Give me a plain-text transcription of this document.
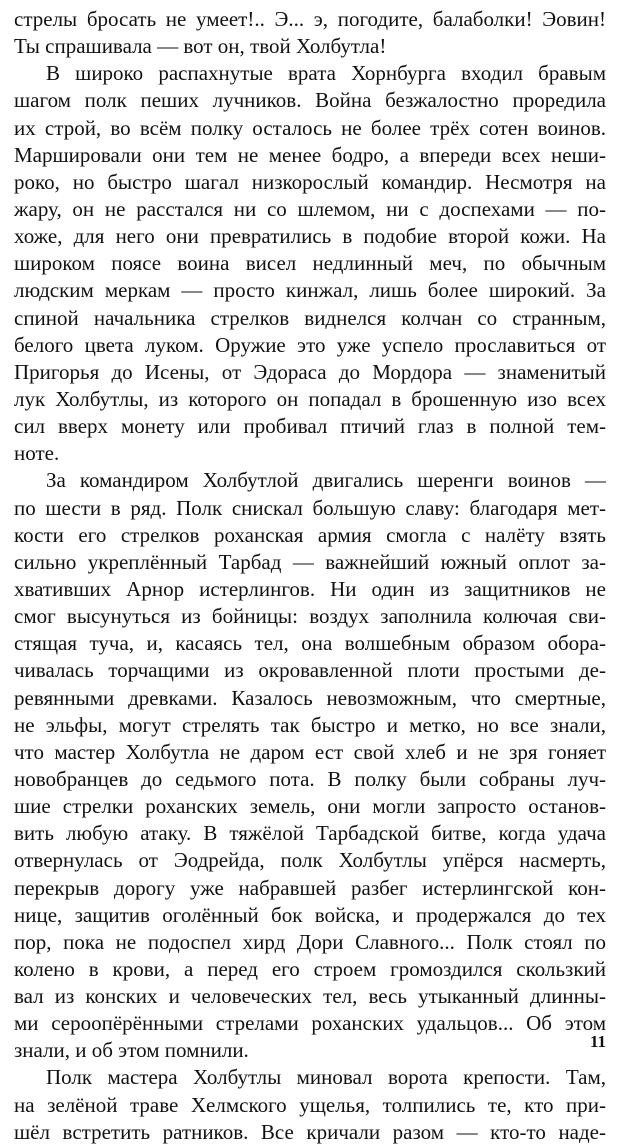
стрелы бросать не умеет!.. Э... э, погодите, балаболки! Эовин!
Ты спрашивала — вот он, твой Холбутла!
В широко распахнутые врата Хорнбурга входил бравым
шагом полк пеших лучников. Война безжалостно проредила
их строй, во всём полку осталось не более трёх сотен воинов.
Маршировали они тем не менее бодро, а впереди всех неши-
роко, но быстро шагал низкорослый командир. Несмотря на
жару, он не расстался ни со шлемом, ни с доспехами — по-
хоже, для него они превратились в подобие второй кожи. На
широком поясе воина висел недлинный меч, по обычным
людским меркам — просто кинжал, лишь более широкий. За
спиной начальника стрелков виднелся колчан со странным,
белого цвета луком. Оружие это уже успело прославиться от
Пригорья до Исены, от Эдораса до Мордора — знаменитый
лук Холбутлы, из которого он попадал в брошенную изо всех
сил вверх монету или пробивал птичий глаз в полной тем-
ноте.
За командиром Холбутлой двигались шеренги воинов —
по шести в ряд. Полк снискал большую славу: благодаря мет-
кости его стрелков роханская армия смогла с налёту взять
сильно укреплённый Тарбад — важнейший южный оплот за-
хвативших Арнор истерлингов. Ни один из защитников не
смог высунуться из бойницы: воздух заполнила колючая сви-
стящая туча, и, касаясь тел, она волшебным образом обора-
чивалась торчащими из окровавленной плоти простыми де-
ревянными древками. Казалось невозможным, что смертные,
не эльфы, могут стрелять так быстро и метко, но все знали,
что мастер Холбутла не даром ест свой хлеб и не зря гоняет
новобранцев до седьмого пота. В полку были собраны луч-
шие стрелки роханских земель, они могли запросто останов-
вить любую атаку. В тяжёлой Тарбадской битве, когда удача
отвернулась от Эодрейда, полк Холбутлы упёрся насмерть,
перекрыв дорогу уже набравшей разбег истерлингской кон-
нице, защитив оголённый бок войска, и продержался до тех
пор, пока не подоспел хирд Дори Славного... Полк стоял по
колено в крови, а перед его строем громоздился скользкий
вал из конских и человеческих тел, весь утыканный длинны-
ми сероопёрёнными стрелами роханских удальцов... Об этом
знали, и об этом помнили.
Полк мастера Холбутлы миновал ворота крепости. Там,
на зелёной траве Хелмского ущелья, толпились те, кто при-
шёл встретить ратников. Все кричали разом — кто-то наде-
11
